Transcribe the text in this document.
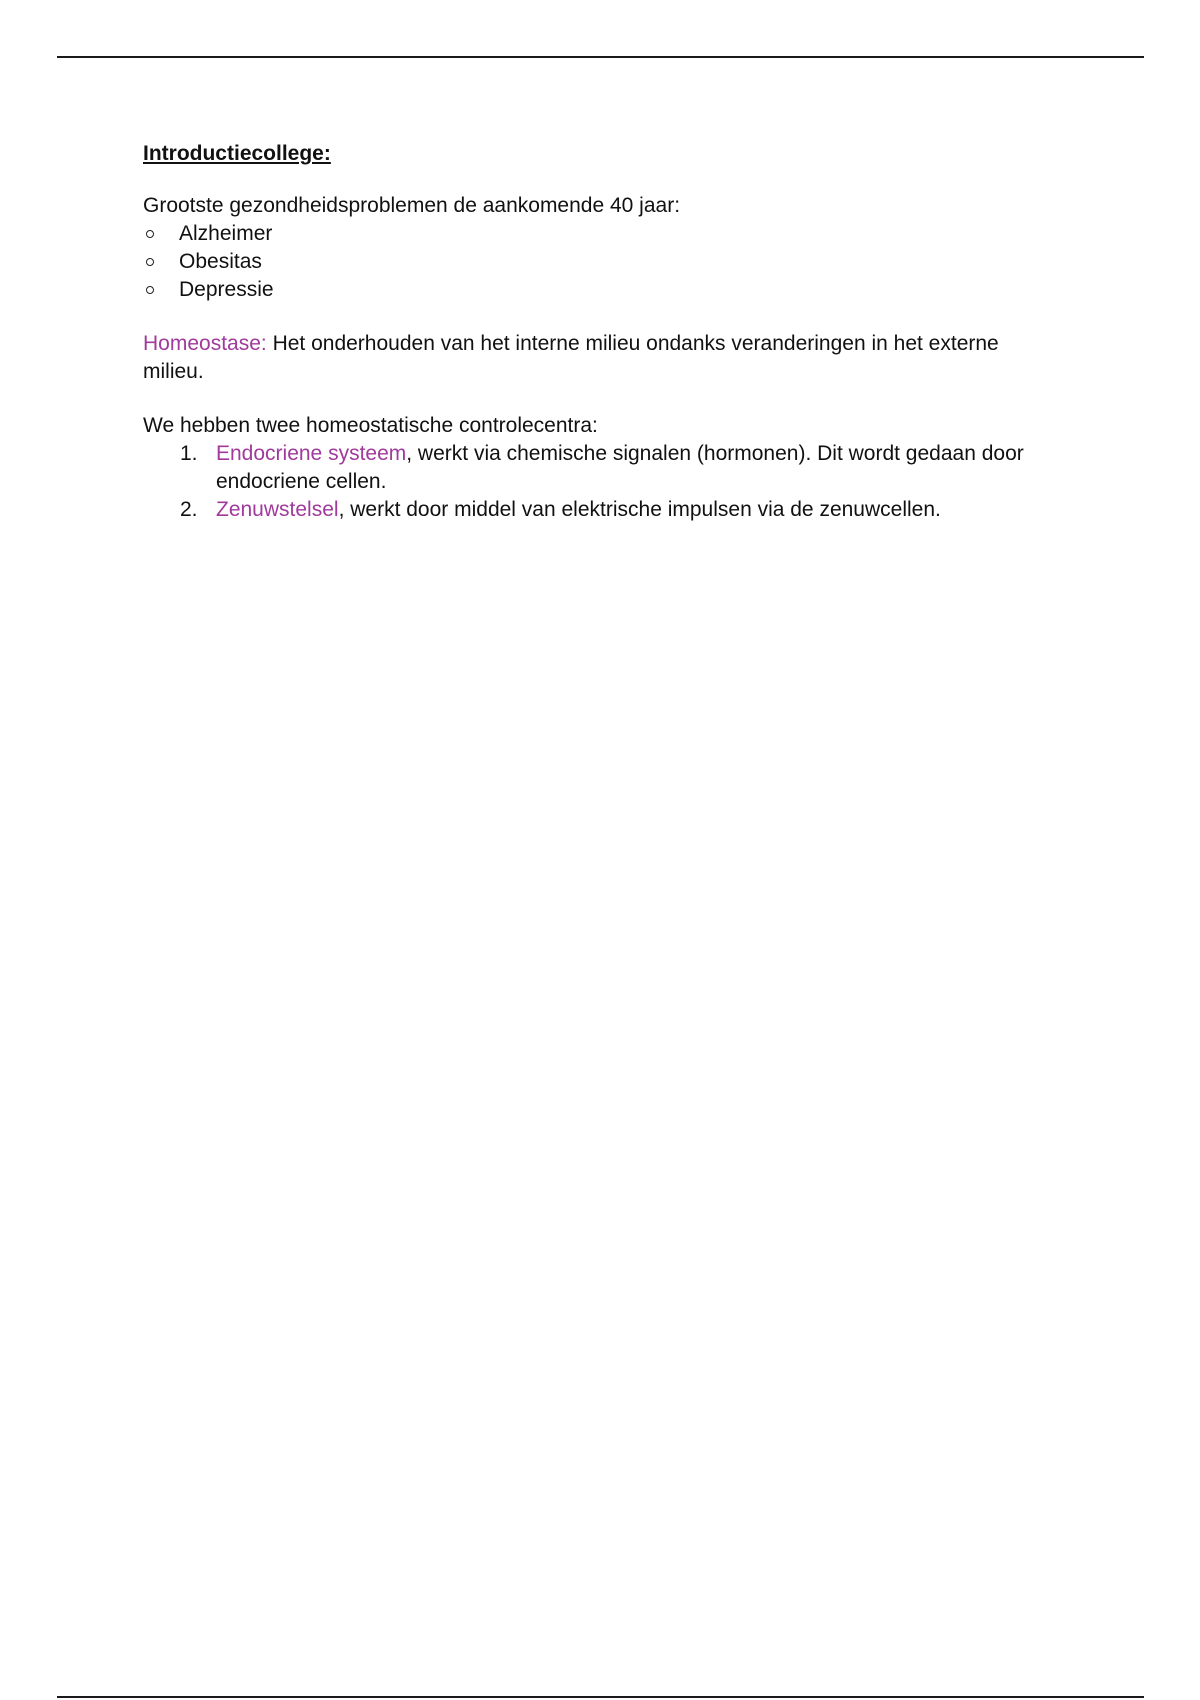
Introductiecollege:

Grootste gezondheidsproblemen de aankomende 40 jaar:

Alzheimer
Obesitas
Depressie

Homeostase: Het onderhouden van het interne milieu ondanks veranderingen in het externe milieu.

We hebben twee homeostatische controlecentra:

1. Endocriene systeem, werkt via chemische signalen (hormonen). Dit wordt gedaan door endocriene cellen.
2. Zenuwstelsel, werkt door middel van elektrische impulsen via de zenuwcellen.
